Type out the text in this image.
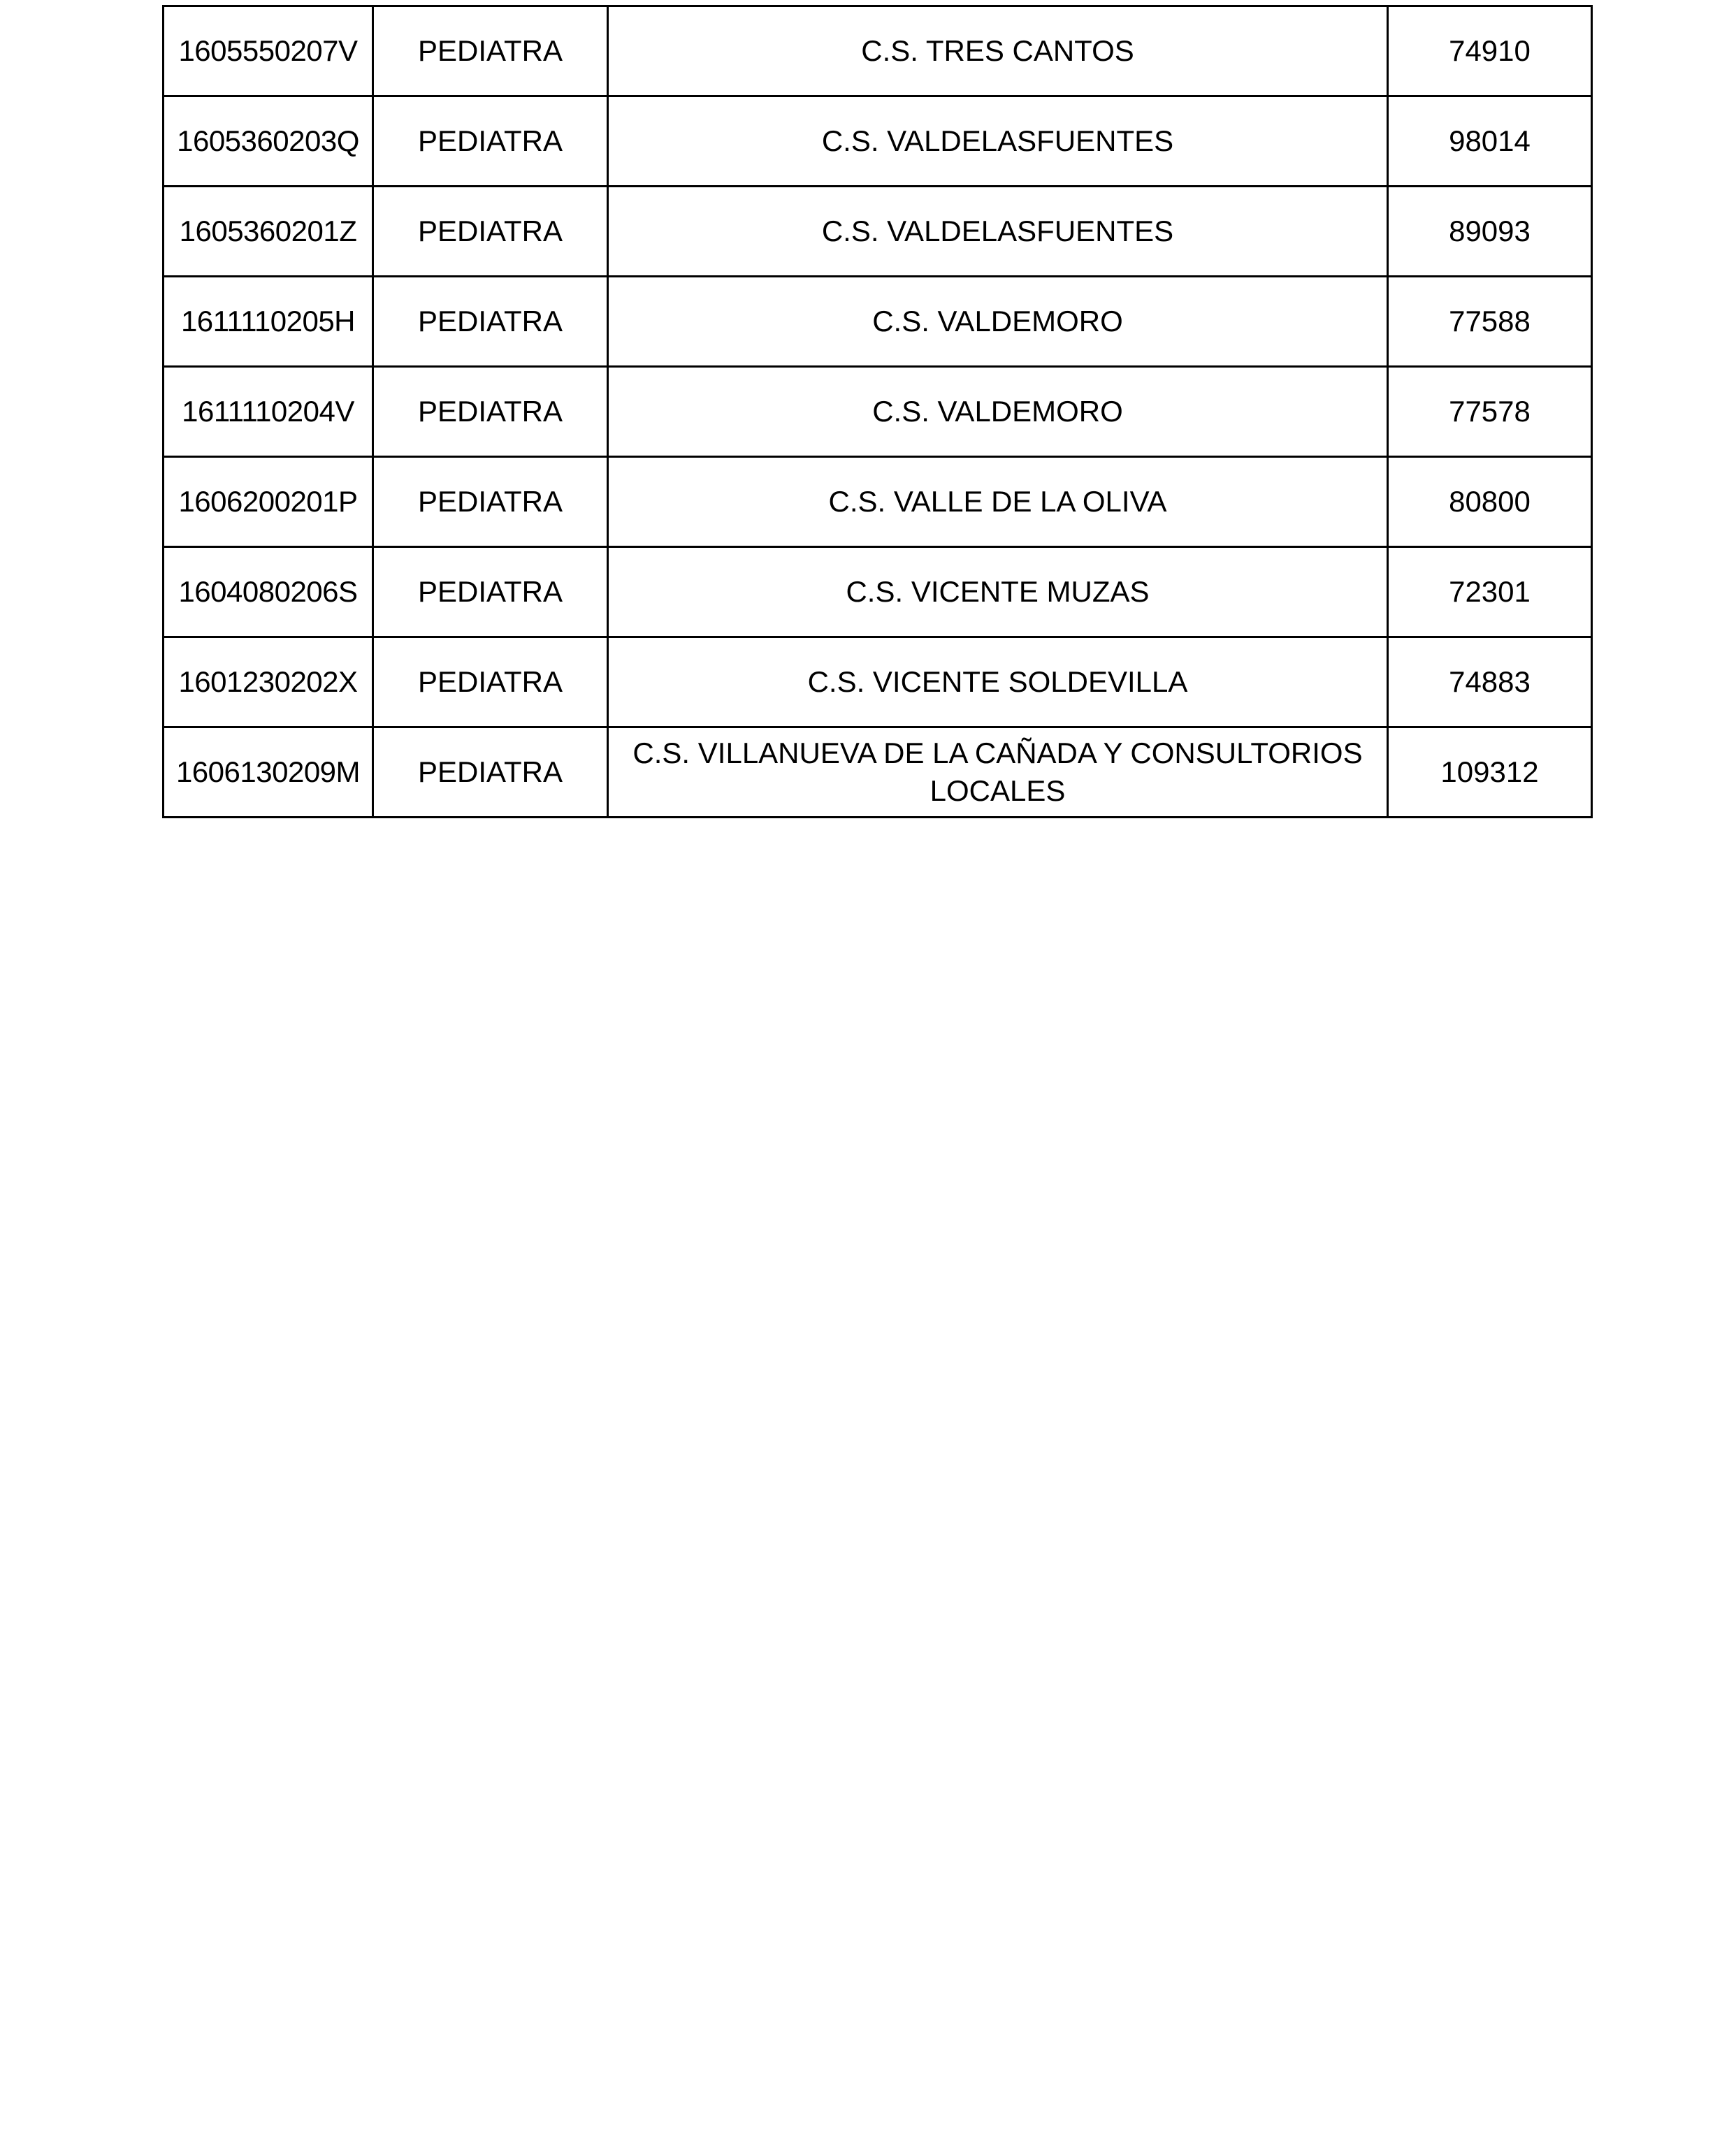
1605550207V	PEDIATRA	C.S. TRES CANTOS	74910
1605360203Q	PEDIATRA	C.S. VALDELASFUENTES	98014
1605360201Z	PEDIATRA	C.S. VALDELASFUENTES	89093
1611110205H	PEDIATRA	C.S. VALDEMORO	77588
1611110204V	PEDIATRA	C.S. VALDEMORO	77578
1606200201P	PEDIATRA	C.S. VALLE DE LA OLIVA	80800
1604080206S	PEDIATRA	C.S. VICENTE MUZAS	72301
1601230202X	PEDIATRA	C.S. VICENTE SOLDEVILLA	74883
1606130209M	PEDIATRA	C.S. VILLANUEVA DE LA CAÑADA Y CONSULTORIOS LOCALES	109312
